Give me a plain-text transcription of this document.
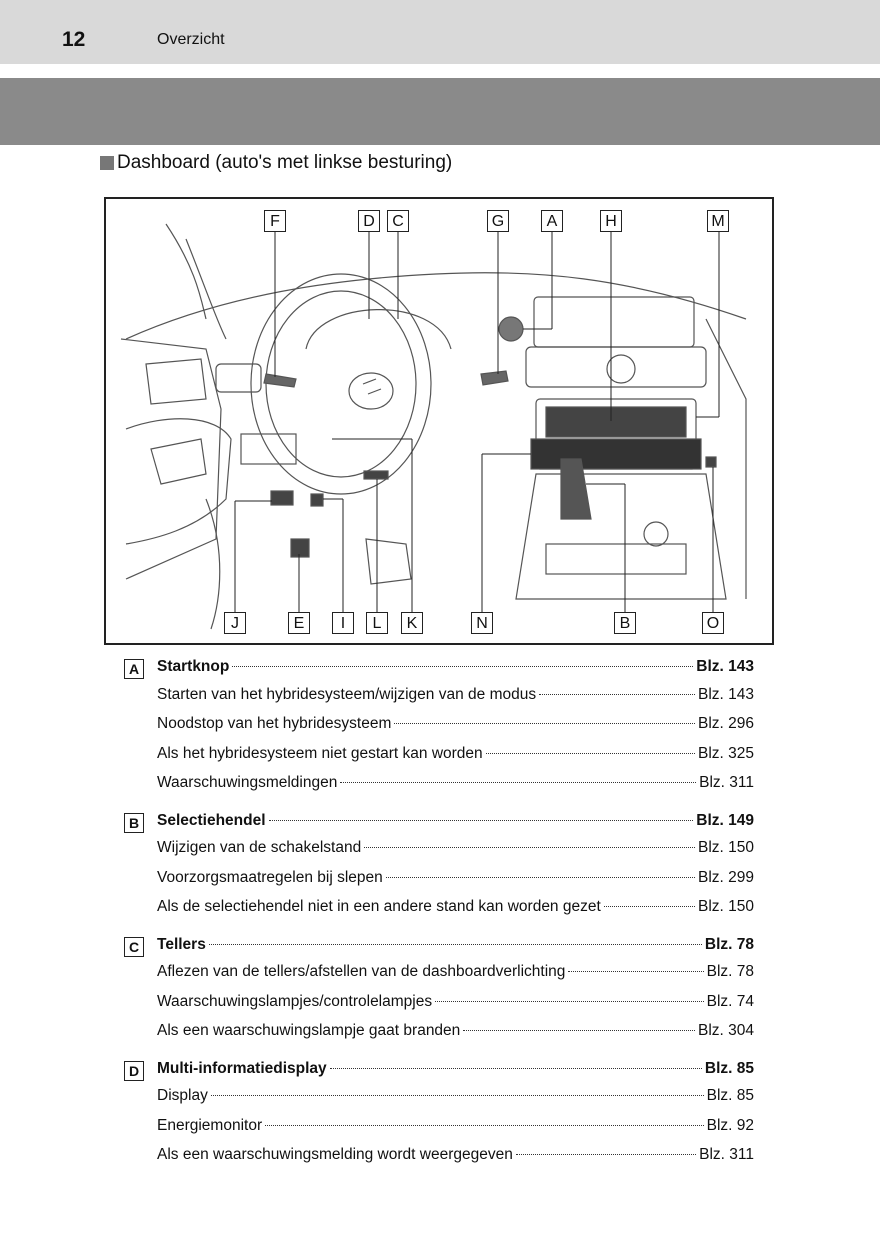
12	Overzicht
Dashboard (auto's met linkse besturing)
F	D	C	G	A	H	M
J	E	I	L	K	N	B	O
A	Startknop	Blz. 143
Starten van het hybridesysteem/wijzigen van de modus	Blz. 143
Noodstop van het hybridesysteem	Blz. 296
Als het hybridesysteem niet gestart kan worden	Blz. 325
Waarschuwingsmeldingen	Blz. 311
B	Selectiehendel	Blz. 149
Wijzigen van de schakelstand	Blz. 150
Voorzorgsmaatregelen bij slepen	Blz. 299
Als de selectiehendel niet in een andere stand kan worden gezet	Blz. 150
C	Tellers	Blz. 78
Aflezen van de tellers/afstellen van de dashboardverlichting	Blz. 78
Waarschuwingslampjes/controlelampjes	Blz. 74
Als een waarschuwingslampje gaat branden	Blz. 304
D	Multi-informatiedisplay	Blz. 85
Display	Blz. 85
Energiemonitor	Blz. 92
Als een waarschuwingsmelding wordt weergegeven	Blz. 311
